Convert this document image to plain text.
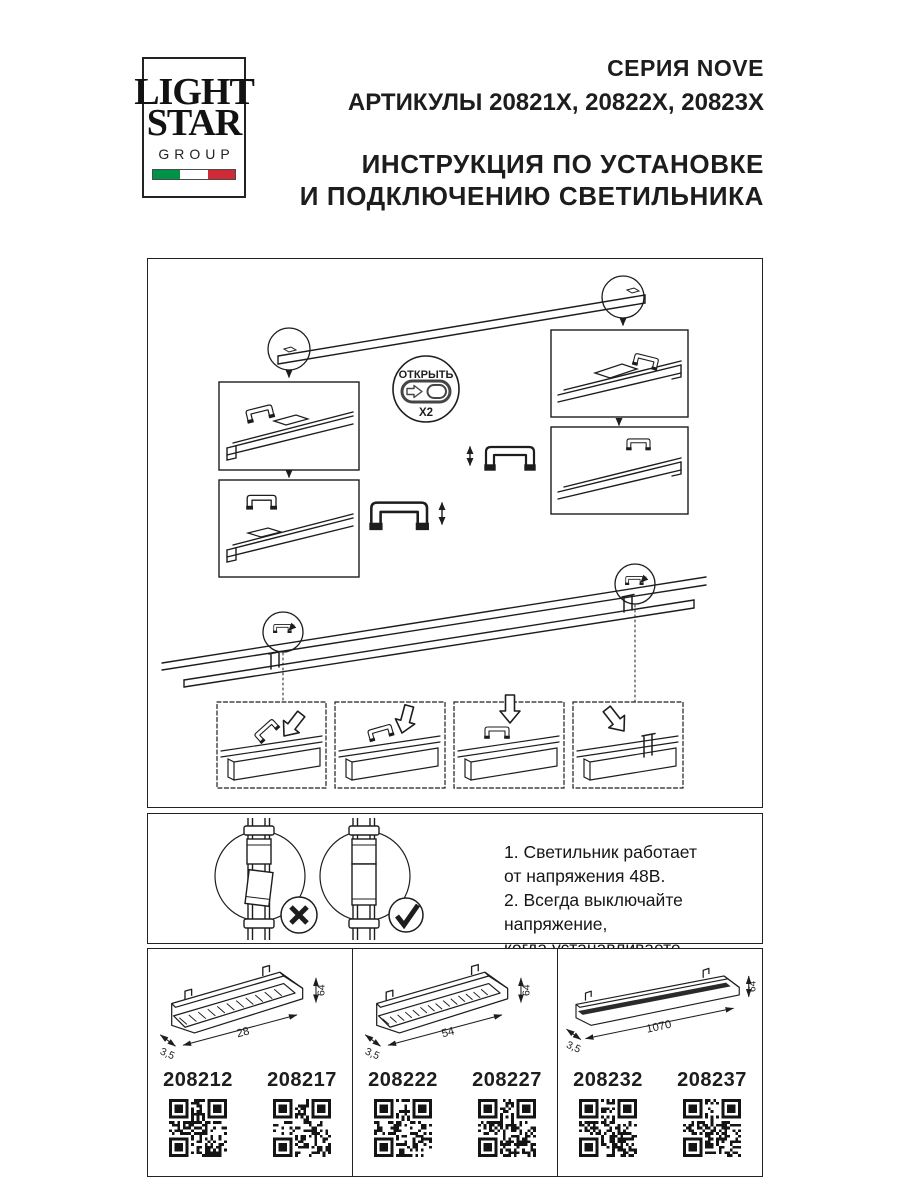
LIGHT
STAR
GROUP
СЕРИЯ NOVE
АРТИКУЛЫ 20821X, 20822X, 20823X
ИНСТРУКЦИЯ ПО УСТАНОВКЕ
И ПОДКЛЮЧЕНИЮ СВЕТИЛЬНИКА
ОТКРЫТЬ
X2
1. Светильник работает
от напряжения 48В.
2. Всегда выключайте напряжение,
28
3,5
64
208212 208217
54
3,5
64
208222 208227
1070
3,5
64
208232 208237
